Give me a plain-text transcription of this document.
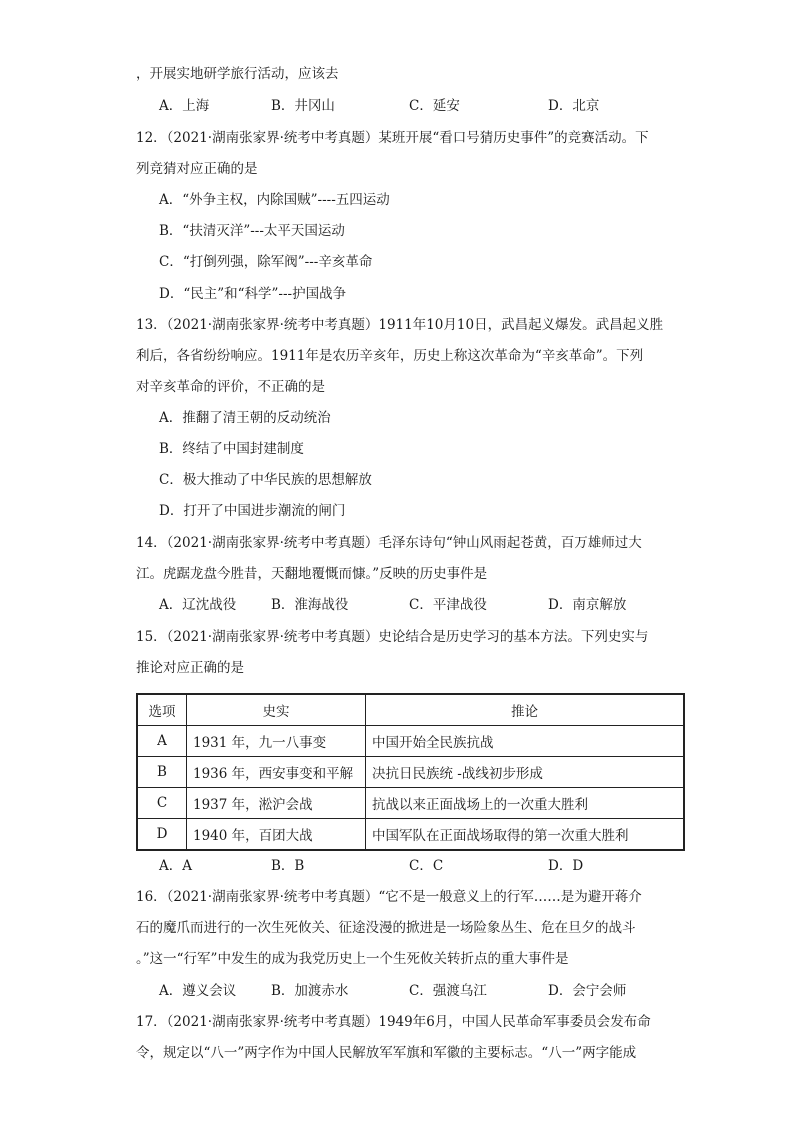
，开展实地研学旅行活动，应该去
A．上海	B．井冈山	C．延安	D．北京
12．（2021·湖南张家界·统考中考真题）某班开展“看口号猜历史事件”的竞赛活动。下
列竞猜对应正确的是
A．“外争主权，内除国贼”----五四运动
B．“扶清灭洋”---太平天国运动
C．“打倒列强，除军阀”---辛亥革命
D．“民主”和“科学”---护国战争
13．（2021·湖南张家界·统考中考真题）1911年10月10日，武昌起义爆发。武昌起义胜
利后，各省纷纷响应。1911年是农历辛亥年，历史上称这次革命为“辛亥革命”。下列
对辛亥革命的评价，不正确的是
A．推翻了清王朝的反动统治
B．终结了中国封建制度
C．极大推动了中华民族的思想解放
D．打开了中国进步潮流的闸门
14．（2021·湖南张家界·统考中考真题）毛泽东诗句“钟山风雨起苍黄，百万雄师过大
江。虎踞龙盘今胜昔，天翻地覆慨而慷。”反映的历史事件是
A．辽沈战役	B．淮海战役	C．平津战役	D．南京解放
15．（2021·湖南张家界·统考中考真题）史论结合是历史学习的基本方法。下列史实与
推论对应正确的是
选项	史实	推论
A	1931 年，九一八事变	中国开始全民族抗战
B	1936 年，西安事变和平解	决抗日民族统 -战线初步形成
C	1937 年，淞沪会战	抗战以来正面战场上的一次重大胜利
D	1940 年，百团大战	中国军队在正面战场取得的第一次重大胜利
A．A	B．B	C．C	D．D
16．（2021·湖南张家界·统考中考真题）“它不是一般意义上的行军……是为避开蒋介
石的魔爪而进行的一次生死攸关、征途没漫的掀进是一场险象丛生、危在旦夕的战斗
。”这一“行军”中发生的成为我党历史上一个生死攸关转折点的重大事件是
A．遵义会议	B．加渡赤水	C．强渡乌江	D．会宁会师
17．（2021·湖南张家界·统考中考真题）1949年6月，中国人民革命军事委员会发布命
令，规定以“八一”两字作为中国人民解放军军旗和军徽的主要标志。“八一”两字能成
